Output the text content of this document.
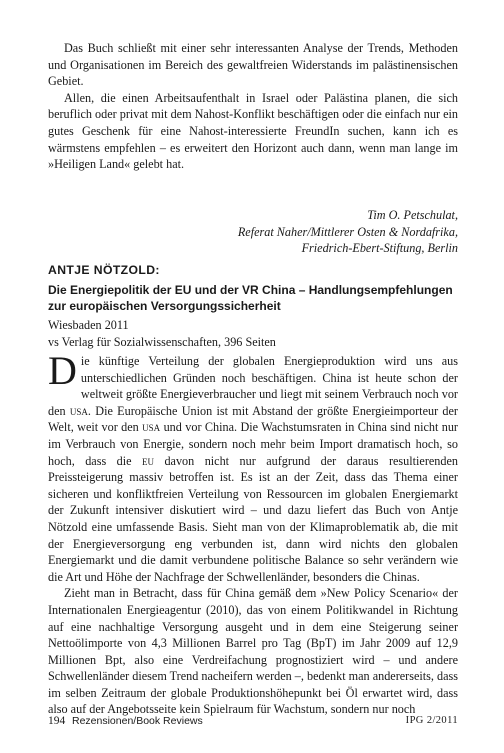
Das Buch schließt mit einer sehr interessanten Analyse der Trends, Methoden und Organisationen im Bereich des gewaltfreien Widerstands im palästinensischen Gebiet.

Allen, die einen Arbeitsaufenthalt in Israel oder Palästina planen, die sich beruflich oder privat mit dem Nahost-Konflikt beschäftigen oder die einfach nur ein gutes Geschenk für eine Nahost-interessierte FreundIn suchen, kann ich es wärmstens empfehlen – es erweitert den Horizont auch dann, wenn man lange im »Heiligen Land« gelebt hat.

Tim O. Petschulat,
Referat Naher/Mittlerer Osten & Nordafrika,
Friedrich-Ebert-Stiftung, Berlin
ANTJE NÖTZOLD:
Die Energiepolitik der EU und der VR China – Handlungsempfehlungen zur europäischen Versorgungssicherheit
Wiesbaden 2011
vs Verlag für Sozialwissenschaften, 396 Seiten

Die künftige Verteilung der globalen Energieproduktion wird uns aus unterschiedlichen Gründen noch beschäftigen. China ist heute schon der weltweit größte Energieverbraucher und liegt mit seinem Verbrauch noch vor den usa. Die Europäische Union ist mit Abstand der größte Energieimporteur der Welt, weit vor den usa und vor China. Die Wachstumsraten in China sind nicht nur im Verbrauch von Energie, sondern noch mehr beim Import dramatisch hoch, so hoch, dass die eu davon nicht nur aufgrund der daraus resultierenden Preissteigerung massiv betroffen ist. Es ist an der Zeit, dass das Thema einer sicheren und konfliktfreien Verteilung von Ressourcen im globalen Energiemarkt der Zukunft intensiver diskutiert wird – und dazu liefert das Buch von Antje Nötzold eine umfassende Basis. Sieht man von der Klimaproblematik ab, die mit der Energieversorgung eng verbunden ist, dann wird nichts den globalen Energiemarkt und die damit verbundene politische Balance so sehr verändern wie die Art und Höhe der Nachfrage der Schwellenländer, besonders die Chinas.

Zieht man in Betracht, dass für China gemäß dem »New Policy Scenario« der Internationalen Energieagentur (2010), das von einem Politikwandel in Richtung auf eine nachhaltige Versorgung ausgeht und in dem eine Steigerung seiner Nettoölimporte von 4,3 Millionen Barrel pro Tag (BpT) im Jahr 2009 auf 12,9 Millionen Bpt, also eine Verdreifachung prognostiziert wird – und andere Schwellenländer diesem Trend nacheifern werden –, bedenkt man andererseits, dass im selben Zeitraum der globale Produktionshöhepunkt bei Öl erwartet wird, dass also auf der Angebotsseite kein Spielraum für Wachstum, sondern nur noch

194 Rezensionen/Book Reviews	IPG 2/2011
